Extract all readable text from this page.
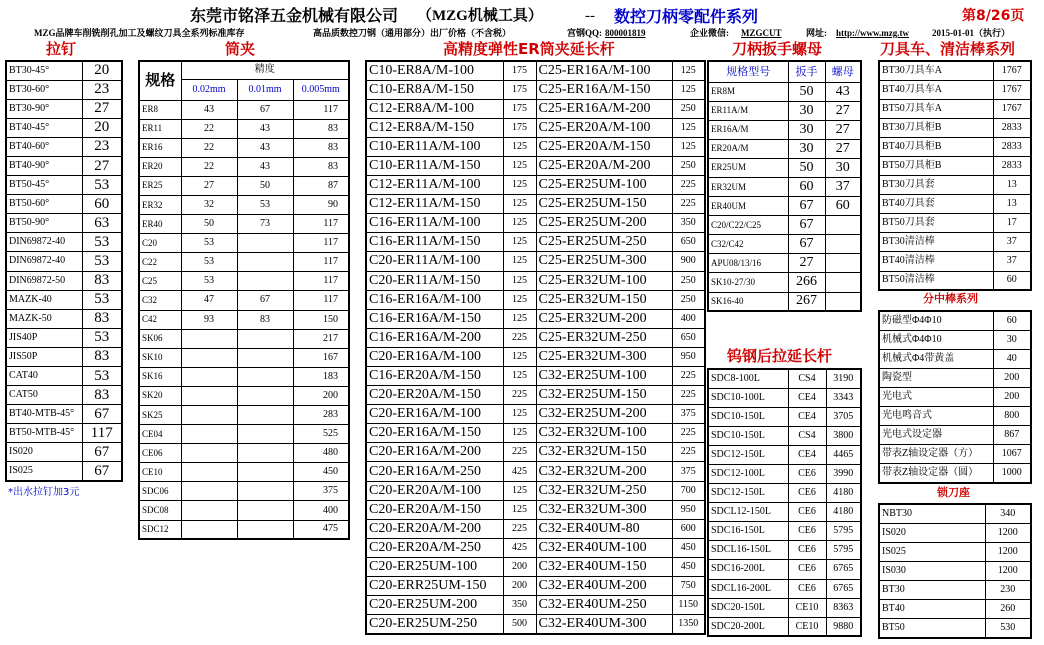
东莞市铭泽五金机械有限公司 （MZG机械工具）	-- 数控刀柄零配件系列	第8/26页
MZG品牌车削铣削孔加工及螺纹刀具全系列标准库存	高品质数控刀钢（通用部分）出厂价格（不含税）	宫钢QQ: 800001819	企业微信: MZGCUT	网址: http://www.mzg.tw	2015-01-01（执行）
拉钉	筒夹	高精度弹性ER筒夹延长杆	刀柄扳手螺母	刀具车、清洁棒系列
钨钢后拉延长杆
分中棒系列
锁刀座
BT30-45°	20
BT30-60°	23
BT30-90°	27
BT40-45°	20
BT40-60°	23
BT40-90°	27
BT50-45°	53
BT50-60°	60
BT50-90°	63
DIN69872-40	53
DIN69872-40	53
DIN69872-50	83
MAZK-40	53
MAZK-50	83
JIS40P	53
JIS50P	83
CAT40	53
CAT50	83
BT40-MTB-45°	67
BT50-MTB-45°	117
IS020	67
IS025	67
*出水拉钉加3元
规格	精度		
	0.02mm	0.01mm	0.005mm
ER8	43	67	117
ER11	22	43	83
ER16	22	43	83
ER20	22	43	83
ER25	27	50	87
ER32	32	53	90
ER40	50	73	117
C20	53		117
C22	53		117
C25	53		117
C32	47	67	117
C42	93	83	150
SK06			217
SK10			167
SK16			183
SK20			200
SK25			283
CE04			525
CE06			480
CE10			450
SDC06			375
SDC08			400
SDC12			475
C10-ER8A/M-100	175	C25-ER16A/M-100	125
C10-ER8A/M-150	175	C25-ER16A/M-150	125
C12-ER8A/M-100	175	C25-ER16A/M-200	250
C12-ER8A/M-150	175	C25-ER20A/M-100	125
C10-ER11A/M-100	125	C25-ER20A/M-150	125
C10-ER11A/M-150	125	C25-ER20A/M-200	250
C12-ER11A/M-100	125	C25-ER25UM-100	225
C12-ER11A/M-150	125	C25-ER25UM-150	225
C16-ER11A/M-100	125	C25-ER25UM-200	350
C16-ER11A/M-150	125	C25-ER25UM-250	650
C20-ER11A/M-100	125	C25-ER25UM-300	900
C20-ER11A/M-150	125	C25-ER32UM-100	250
C16-ER16A/M-100	125	C25-ER32UM-150	250
C16-ER16A/M-150	125	C25-ER32UM-200	400
C16-ER16A/M-200	225	C25-ER32UM-250	650
C20-ER16A/M-100	125	C25-ER32UM-300	950
C16-ER20A/M-150	125	C32-ER25UM-100	225
C20-ER20A/M-150	225	C32-ER25UM-150	225
C20-ER16A/M-100	125	C32-ER25UM-200	375
C20-ER16A/M-150	125	C32-ER32UM-100	225
C20-ER16A/M-200	225	C32-ER32UM-150	225
C20-ER16A/M-250	425	C32-ER32UM-200	375
C20-ER20A/M-100	125	C32-ER32UM-250	700
C20-ER20A/M-150	125	C32-ER32UM-300	950
C20-ER20A/M-200	225	C32-ER40UM-80	600
C20-ER20A/M-250	425	C32-ER40UM-100	450
C20-ER25UM-100	200	C32-ER40UM-150	450
C20-ERR25UM-150	200	C32-ER40UM-200	750
C20-ER25UM-200	350	C32-ER40UM-250	1150
C20-ER25UM-250	500	C32-ER40UM-300	1350
规格型号	扳手	螺母
ER8M	50	43
ER11A/M	30	27
ER16A/M	30	27
ER20A/M	30	27
ER25UM	50	30
ER32UM	60	37
ER40UM	67	60
C20/C22/C25	67	
C32/C42	67	
APU08/13/16	27	
SK10-27/30	266	
SK16-40	267	
SDC8-100L	CS4	3190
SDC10-100L	CE4	3343
SDC10-150L	CE4	3705
SDC10-150L	CS4	3800
SDC12-150L	CE4	4465
SDC12-100L	CE6	3990
SDC12-150L	CE6	4180
SDCL12-150L	CE6	4180
SDC16-150L	CE6	5795
SDCL16-150L	CE6	5795
SDC16-200L	CE6	6765
SDCL16-200L	CE6	6765
SDC20-150L	CE10	8363
SDC20-200L	CE10	9880
BT30刀具车A	1767
BT40刀具车A	1767
BT50刀具车A	1767
BT30刀具柜B	2833
BT40刀具柜B	2833
BT50刀具柜B	2833
BT30刀具套	13
BT40刀具套	13
BT50刀具套	17
BT30清洁棒	37
BT40清洁棒	37
BT50清洁棒	60
防磁型Φ4Φ10	60
机械式Φ4Φ10	30
机械式Φ4带黄盖	40
陶瓷型	200
光电式	200
光电鸣音式	800
光电式设定器	867
带表Z轴设定器（方）	1067
带表Z轴设定器（圆）	1000
NBT30	340
IS020	1200
IS025	1200
IS030	1200
BT30	230
BT40	260
BT50	530
